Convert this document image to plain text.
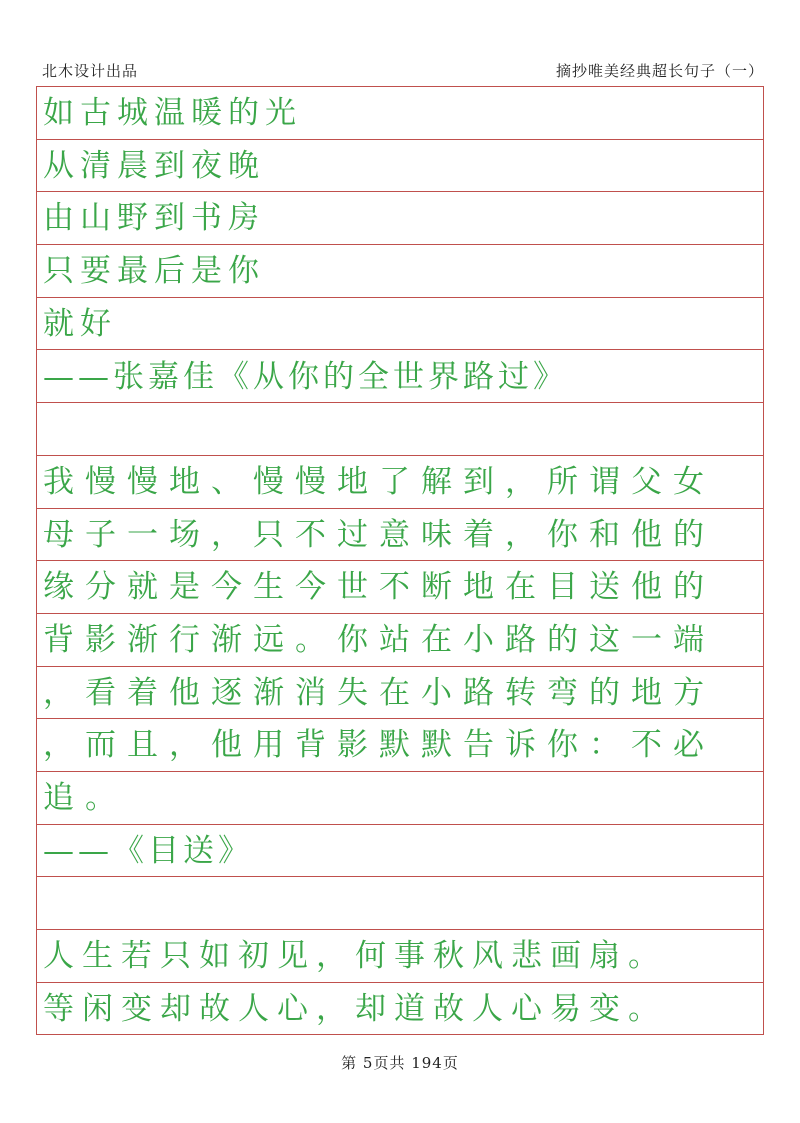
北木设计出品	摘抄唯美经典超长句子（一）
如古城温暖的光
从清晨到夜晚
由山野到书房
只要最后是你
就好
——张嘉佳《从你的全世界路过》
我慢慢地、慢慢地了解到，所谓父女
母子一场，只不过意味着，你和他的
缘分就是今生今世不断地在目送他的
背影渐行渐远。你站在小路的这一端
，看着他逐渐消失在小路转弯的地方
，而且，他用背影默默告诉你：不必
追。
——《目送》
人生若只如初见，何事秋风悲画扇。
等闲变却故人心，却道故人心易变。
第 5页共 194页
